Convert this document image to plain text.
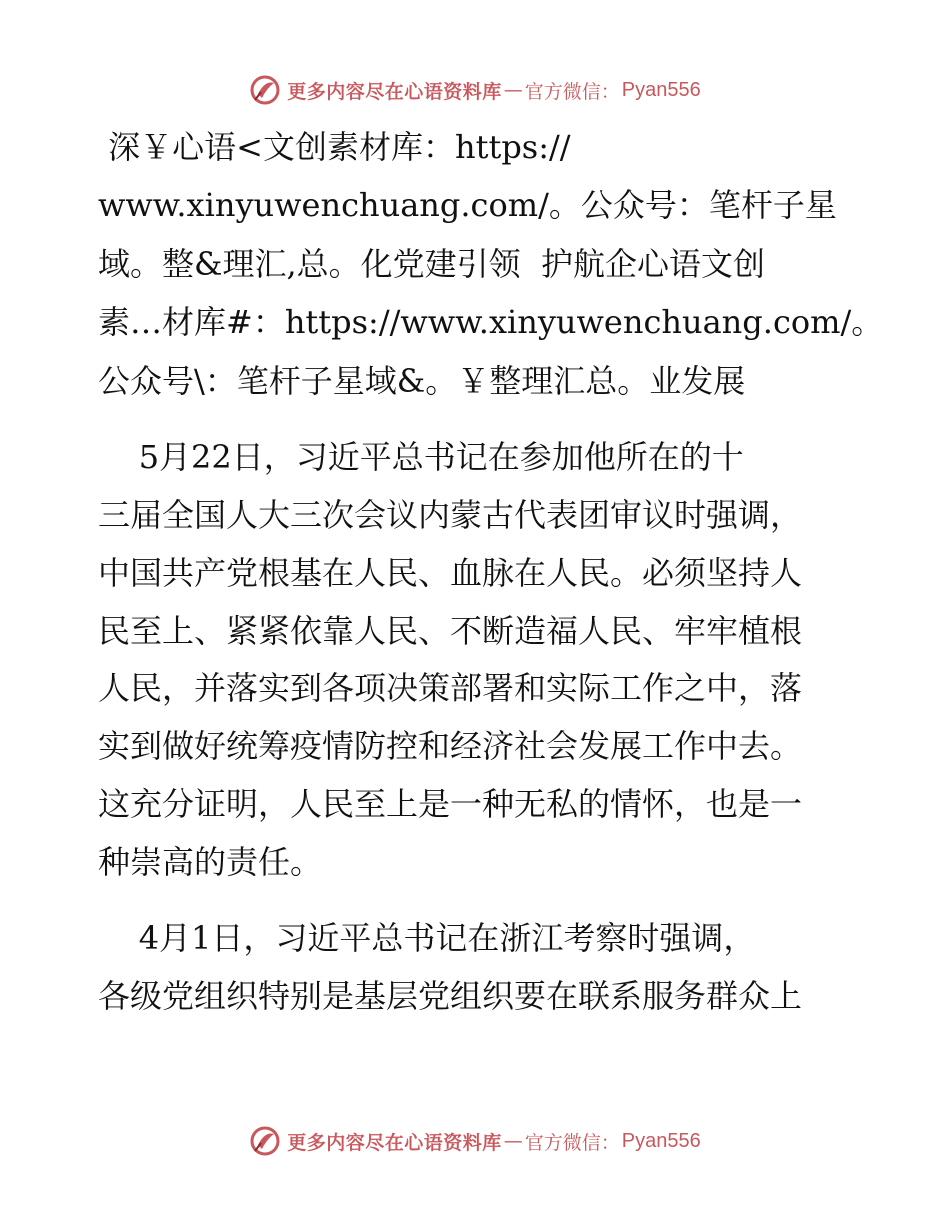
更多内容尽在心语资料库 — 官方微信： Pyan556
深￥心语<文创素材库：https://
www.xinyuwenchuang.com/。公众号：笔杆子星
域。整&理汇,总。化党建引领  护航企心语文创
素…材库#：https://www.xinyuwenchuang.com/。
公众号\：笔杆子星域&。￥整理汇总。业发展
5月22日，习近平总书记在参加他所在的十
三届全国人大三次会议内蒙古代表团审议时强调，
中国共产党根基在人民、血脉在人民。必须坚持人
民至上、紧紧依靠人民、不断造福人民、牢牢植根
人民，并落实到各项决策部署和实际工作之中，落
实到做好统筹疫情防控和经济社会发展工作中去。
这充分证明，人民至上是一种无私的情怀，也是一
种崇高的责任。
4月1日，习近平总书记在浙江考察时强调，
各级党组织特别是基层党组织要在联系服务群众上
更多内容尽在心语资料库 — 官方微信： Pyan556
